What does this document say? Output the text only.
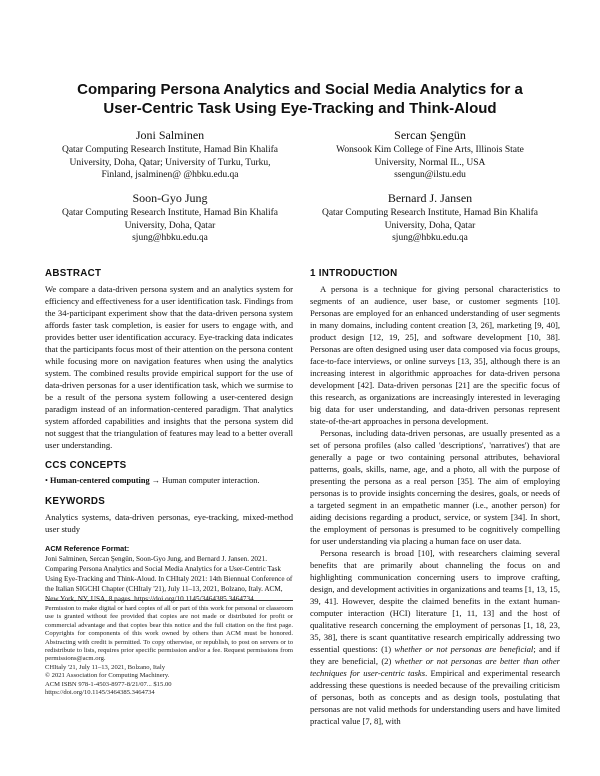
Comparing Persona Analytics and Social Media Analytics for a
User-Centric Task Using Eye-Tracking and Think-Aloud
Joni Salminen
Qatar Computing Research Institute, Hamad Bin Khalifa
University, Doha, Qatar; University of Turku, Turku,
Finland, jsalminen@ @hbku.edu.qa
Sercan Şengün
Wonsook Kim College of Fine Arts, Illinois State
University, Normal IL., USA
ssengun@ilstu.edu
Soon-Gyo Jung
Qatar Computing Research Institute, Hamad Bin Khalifa
University, Doha, Qatar
sjung@hbku.edu.qa
Bernard J. Jansen
Qatar Computing Research Institute, Hamad Bin Khalifa
University, Doha, Qatar
sjung@hbku.edu.qa
ABSTRACT

We compare a data-driven persona system and an analytics system for efficiency and effectiveness for a user identification task. Findings from the 34-participant experiment show that the data-driven persona system affords faster task completion, is easier for users to engage with, and provides better user identification accuracy. Eye-tracking data indicates that the participants focus most of their attention on the persona content while focusing more on navigation features when using the analytics system. The combined results provide empirical support for the use of data-driven personas for a user identification task, which we surmise to be a result of the persona system following a user-centered design paradigm instead of an information-centered paradigm. That analytics system afforded capabilities and insights that the persona system did not suggest that the triangulation of features may lead to a better overall user understanding.

CCS CONCEPTS

• Human-centered computing → Human computer interaction.

KEYWORDS

Analytics systems, data-driven personas, eye-tracking, mixed-method user study

ACM Reference Format:

Joni Salminen, Sercan Şengün, Soon-Gyo Jung, and Bernard J. Jansen. 2021. Comparing Persona Analytics and Social Media Analytics for a User-Centric Task Using Eye-Tracking and Think-Aloud. In CHItaly 2021: 14th Biennual Conference of the Italian SIGCHI Chapter (CHItaly '21), July 11–13, 2021, Bolzano, Italy. ACM, New York, NY, USA, 8 pages. https://doi.org/10.1145/3464385.3464734

Permission to make digital or hard copies of all or part of this work for personal or classroom use is granted without fee provided that copies are not made or distributed for profit or commercial advantage and that copies bear this notice and the full citation on the first page. Copyrights for components of this work owned by others than ACM must be honored. Abstracting with credit is permitted. To copy otherwise, or republish, to post on servers or to redistribute to lists, requires prior specific permission and/or a fee. Request permissions from permissions@acm.org.

CHItaly '21, July 11–13, 2021, Bolzano, Italy
© 2021 Association for Computing Machinery.
ACM ISBN 978-1-4503-8977-8/21/07... $15.00
https://doi.org/10.1145/3464385.3464734
1 INTRODUCTION

A persona is a technique for giving personal characteristics to segments of an audience, user base, or customer segments [10]. Personas are employed for an enhanced understanding of user segments in many domains, including content creation [3, 26], marketing [9, 40], product design [12, 19, 25], and software development [10, 38]. Personas are often designed using user data composed via focus groups, face-to-face interviews, or online surveys [13, 35], although there is an increasing interest in algorithmic approaches for data-driven persona development [42]. Data-driven personas [21] are the specific focus of this research, as organizations are increasingly interested in leveraging big data for user understanding, and data-driven personas represent state-of-the-art approaches in persona development.

Personas, including data-driven personas, are usually presented as a set of persona profiles (also called 'descriptions', 'narratives') that are generally a page or two containing personal attributes, behavioral patterns, goals, skills, name, age, and a photo, all with the purpose of presenting the persona as a real person [35]. The aim of employing personas is to provide insights concerning the desires, goals, or needs of a targeted segment in an empathetic manner (i.e., another person) for aiding decisions regarding a product, service, or system [34]. In short, the employment of personas is presumed to be cognitively compelling for user understanding via placing a human face on user data.

Persona research is broad [10], with researchers claiming several benefits that are primarily about channeling the focus on and highlighting communication concerning users to improve crafting, design, and development activities in organizations and teams [1, 13, 15, 39, 41]. However, despite the claimed benefits in the extant human-computer interaction (HCI) literature [1, 11, 13] and the host of qualitative research concerning the employment of personas [1, 18, 23, 35, 38], there is scant quantitative research empirically addressing two essential questions: (1) whether or not personas are beneficial; and if they are beneficial, (2) whether or not personas are better than other techniques for user-centric tasks. Empirical and experimental research addressing these questions is needed because of the prevailing criticism of personas, both as concepts and as design tools, postulating that personas are not valid methods for understanding users and have limited practical value [7, 8], with
